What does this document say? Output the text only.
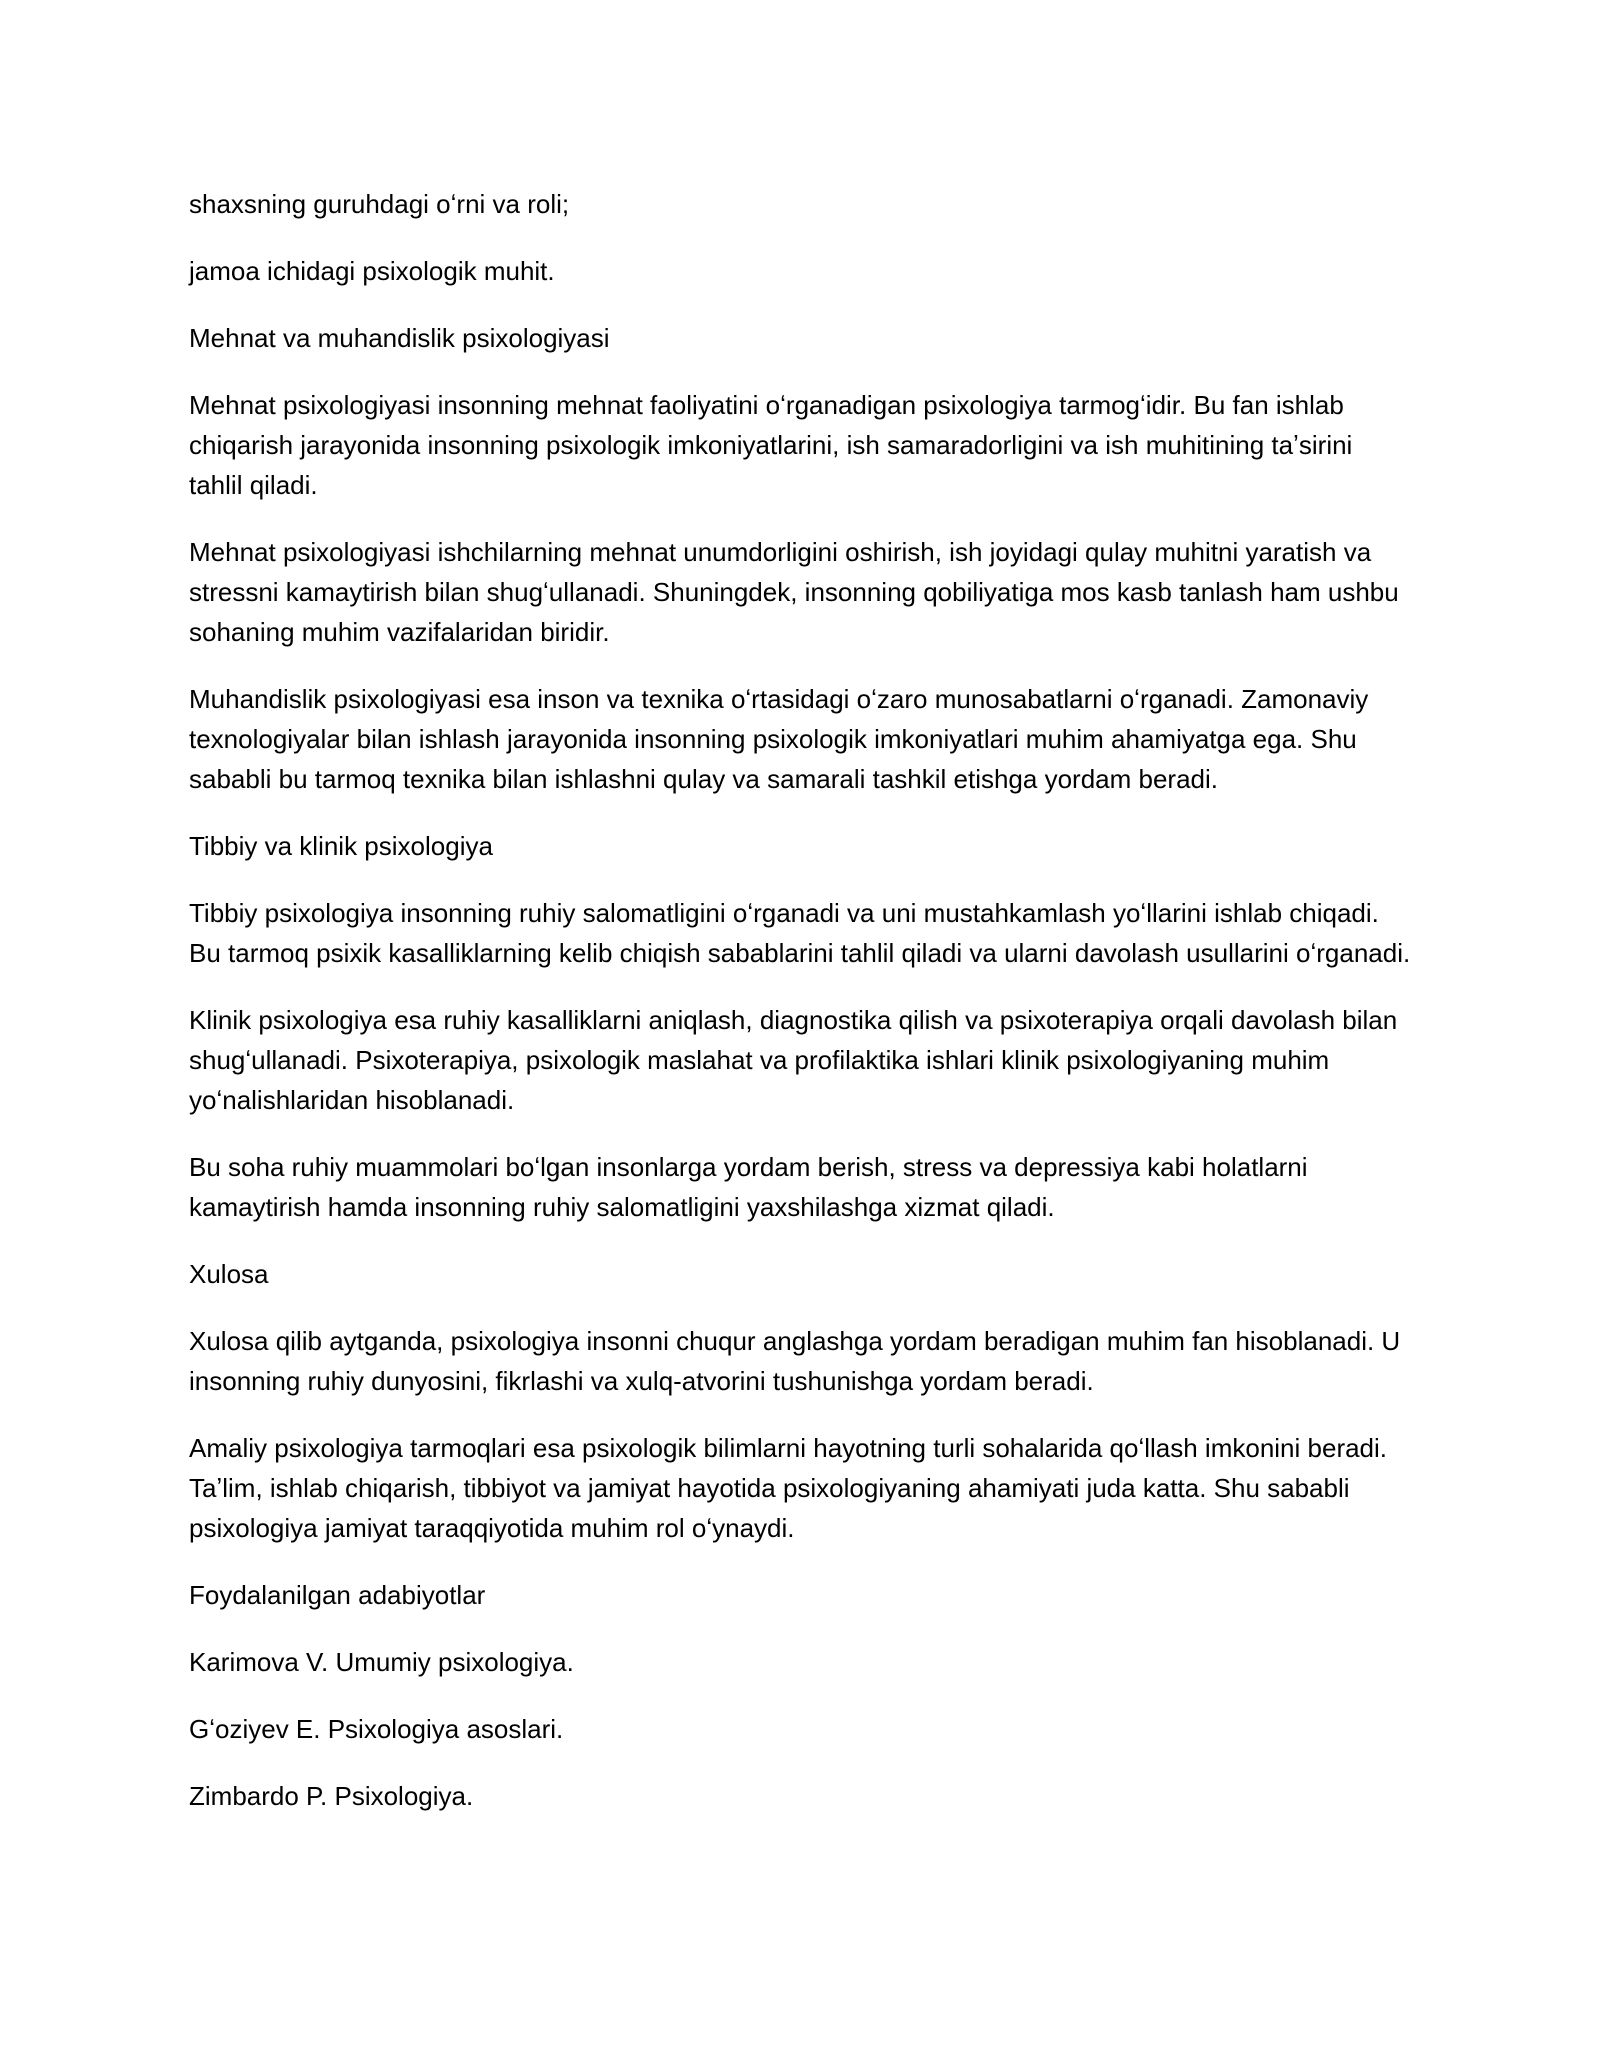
shaxsning guruhdagi oʻrni va roli;

jamoa ichidagi psixologik muhit.

Mehnat va muhandislik psixologiyasi

Mehnat psixologiyasi insonning mehnat faoliyatini oʻrganadigan psixologiya tarmogʻidir. Bu fan ishlab chiqarish jarayonida insonning psixologik imkoniyatlarini, ish samaradorligini va ish muhitining taʼsirini tahlil qiladi.

Mehnat psixologiyasi ishchilarning mehnat unumdorligini oshirish, ish joyidagi qulay muhitni yaratish va stressni kamaytirish bilan shugʻullanadi. Shuningdek, insonning qobiliyatiga mos kasb tanlash ham ushbu sohaning muhim vazifalaridan biridir.

Muhandislik psixologiyasi esa inson va texnika oʻrtasidagi oʻzaro munosabatlarni oʻrganadi. Zamonaviy texnologiyalar bilan ishlash jarayonida insonning psixologik imkoniyatlari muhim ahamiyatga ega. Shu sababli bu tarmoq texnika bilan ishlashni qulay va samarali tashkil etishga yordam beradi.

Tibbiy va klinik psixologiya

Tibbiy psixologiya insonning ruhiy salomatligini oʻrganadi va uni mustahkamlash yoʻllarini ishlab chiqadi. Bu tarmoq psixik kasalliklarning kelib chiqish sabablarini tahlil qiladi va ularni davolash usullarini oʻrganadi.

Klinik psixologiya esa ruhiy kasalliklarni aniqlash, diagnostika qilish va psixoterapiya orqali davolash bilan shugʻullanadi. Psixoterapiya, psixologik maslahat va profilaktika ishlari klinik psixologiyaning muhim yoʻnalishlaridan hisoblanadi.

Bu soha ruhiy muammolari boʻlgan insonlarga yordam berish, stress va depressiya kabi holatlarni kamaytirish hamda insonning ruhiy salomatligini yaxshilashga xizmat qiladi.

Xulosa

Xulosa qilib aytganda, psixologiya insonni chuqur anglashga yordam beradigan muhim fan hisoblanadi. U insonning ruhiy dunyosini, fikrlashi va xulq-atvorini tushunishga yordam beradi.

Amaliy psixologiya tarmoqlari esa psixologik bilimlarni hayotning turli sohalarida qoʻllash imkonini beradi. Taʼlim, ishlab chiqarish, tibbiyot va jamiyat hayotida psixologiyaning ahamiyati juda katta. Shu sababli psixologiya jamiyat taraqqiyotida muhim rol oʻynaydi.

Foydalanilgan adabiyotlar

Karimova V. Umumiy psixologiya.

Gʻoziyev E. Psixologiya asoslari.

Zimbardo P. Psixologiya.
